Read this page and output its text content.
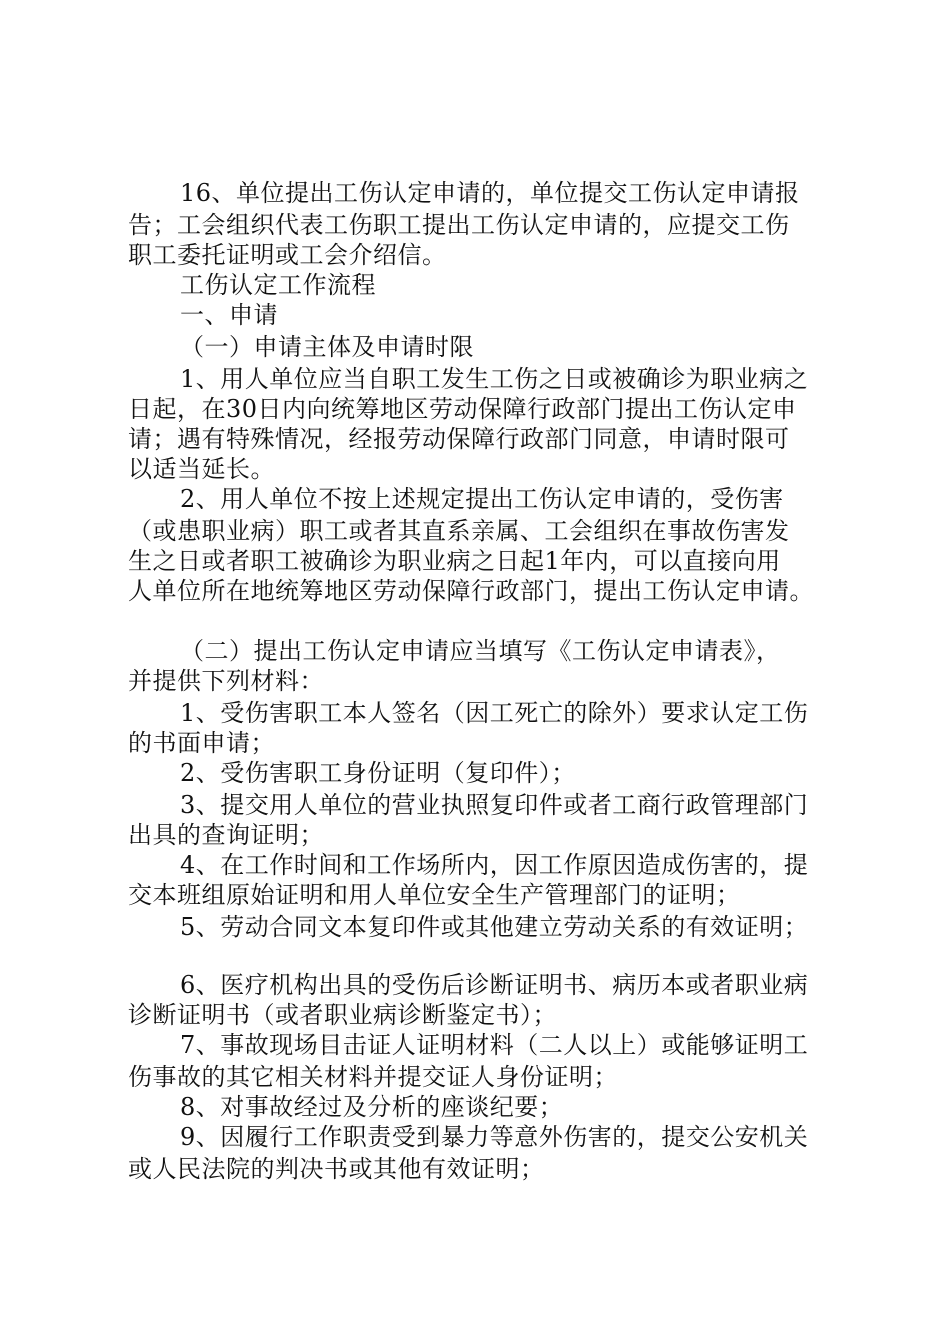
16、单位提出工伤认定申请的，单位提交工伤认定申请报
告；工会组织代表工伤职工提出工伤认定申请的，应提交工伤
职工委托证明或工会介绍信。
工伤认定工作流程
一、申请
（一）申请主体及申请时限
1、用人单位应当自职工发生工伤之日或被确诊为职业病之
日起，在30日内向统筹地区劳动保障行政部门提出工伤认定申
请；遇有特殊情况，经报劳动保障行政部门同意，申请时限可
以适当延长。
2、用人单位不按上述规定提出工伤认定申请的，受伤害
（或患职业病）职工或者其直系亲属、工会组织在事故伤害发
生之日或者职工被确诊为职业病之日起1年内，可以直接向用
人单位所在地统筹地区劳动保障行政部门，提出工伤认定申请。
（二）提出工伤认定申请应当填写《工伤认定申请表》，
并提供下列材料：
1、受伤害职工本人签名（因工死亡的除外）要求认定工伤
的书面申请；
2、受伤害职工身份证明（复印件）；
3、提交用人单位的营业执照复印件或者工商行政管理部门
出具的查询证明；
4、在工作时间和工作场所内，因工作原因造成伤害的，提
交本班组原始证明和用人单位安全生产管理部门的证明；
5、劳动合同文本复印件或其他建立劳动关系的有效证明；
6、医疗机构出具的受伤后诊断证明书、病历本或者职业病
诊断证明书（或者职业病诊断鉴定书）；
7、事故现场目击证人证明材料（二人以上）或能够证明工
伤事故的其它相关材料并提交证人身份证明；
8、对事故经过及分析的座谈纪要；
9、因履行工作职责受到暴力等意外伤害的，提交公安机关
或人民法院的判决书或其他有效证明；
